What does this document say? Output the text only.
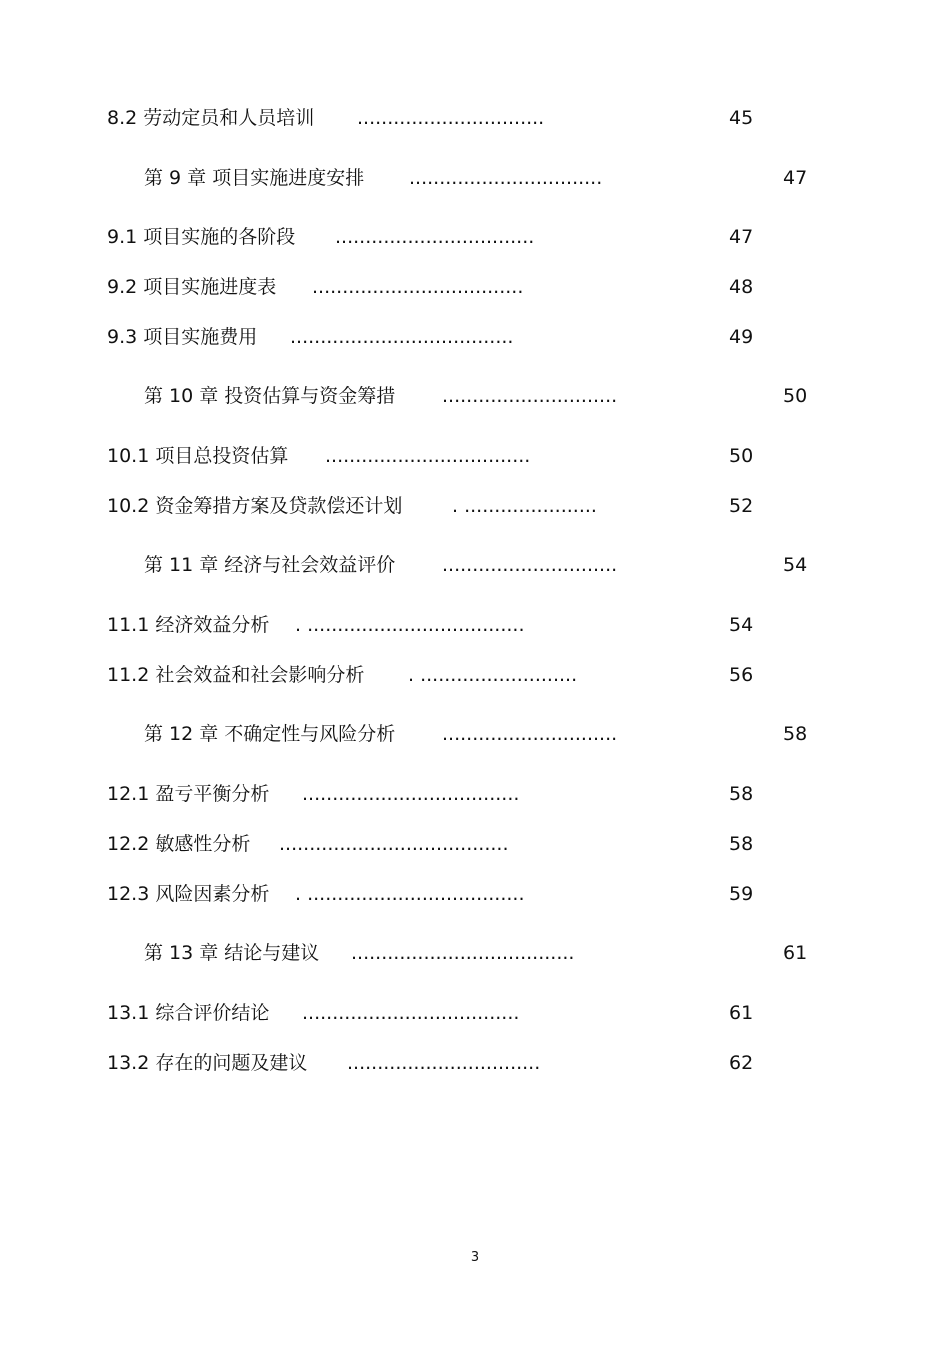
8.2 劳动定员和人员培训 ...............................	45
第 9 章 项目实施进度安排 ................................	47
9.1 项目实施的各阶段 .................................	47
9.2 项目实施进度表 ...................................	48
9.3 项目实施费用 .....................................	49
第 10 章 投资估算与资金筹措 .............................	50
10.1 项目总投资估算 ..................................	50
10.2 资金筹措方案及贷款偿还计划	. ......................	52
第 11 章 经济与社会效益评价 .............................	54
11.1 经济效益分析 . ....................................	54
11.2 社会效益和社会影响分析 . ..........................	56
第 12 章 不确定性与风险分析 .............................	58
12.1 盈亏平衡分析 ....................................	58
12.2 敏感性分析 ......................................	58
12.3 风险因素分析 . ....................................	59
第 13 章 结论与建议 .....................................	61
13.1 综合评价结论 ....................................	61
13.2 存在的问题及建议 ................................	62
3
